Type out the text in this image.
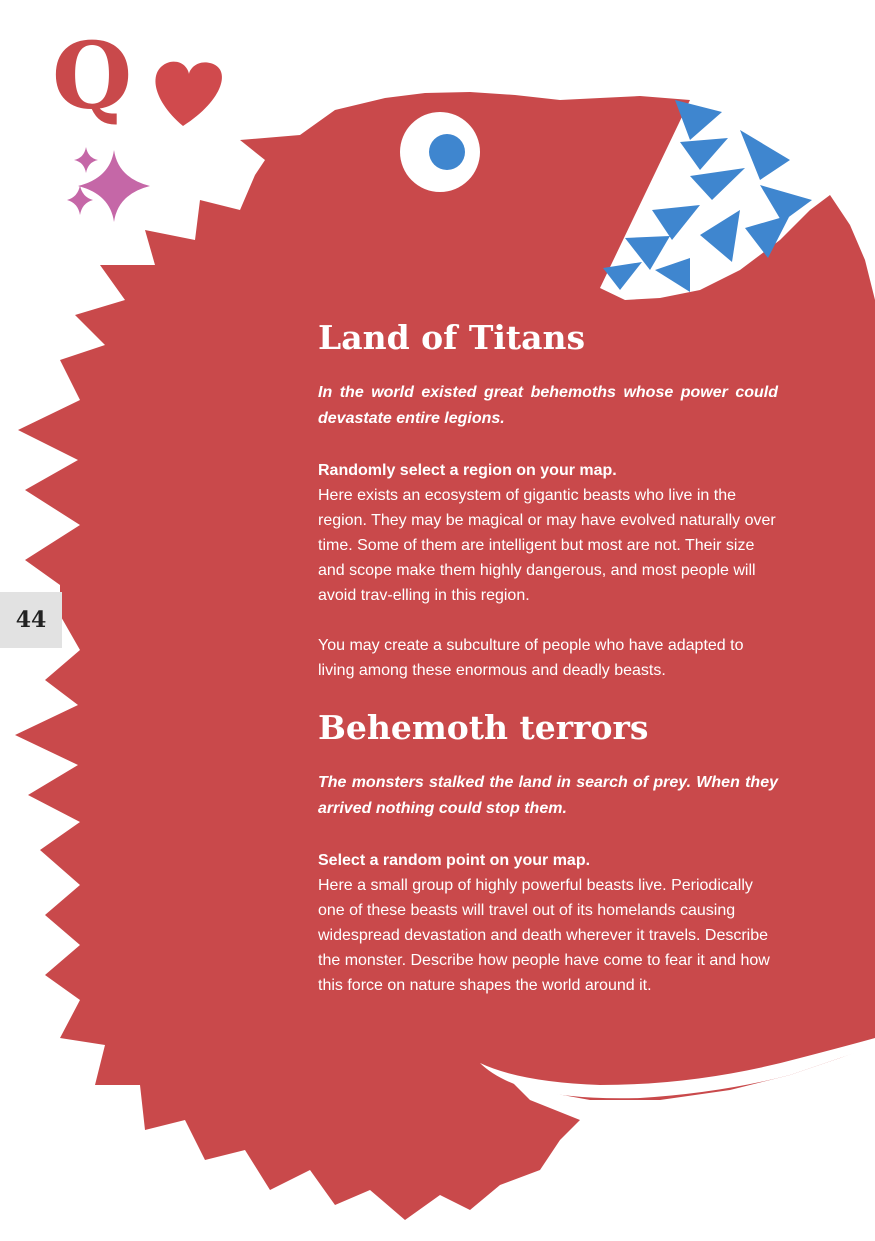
Q
44
Land of Titans

In the world existed great behemoths whose power could devastate entire legions.

Randomly select a region on your map.

Here exists an ecosystem of gigantic beasts who live in the region. They may be magical or may have evolved naturally over time. Some of them are intelligent but most are not. Their size and scope make them highly dangerous, and most people will avoid trav-elling in this region.

You may create a subculture of people who have adapted to living among these enormous and deadly beasts.

Behemoth terrors

The monsters stalked the land in search of prey. When they arrived nothing could stop them.

Select a random point on your map.

Here a small group of highly powerful beasts live. Periodically one of these beasts will travel out of its homelands causing widespread devastation and death wherever it travels. Describe the monster. Describe how people have come to fear it and how this force on nature shapes the world around it.
